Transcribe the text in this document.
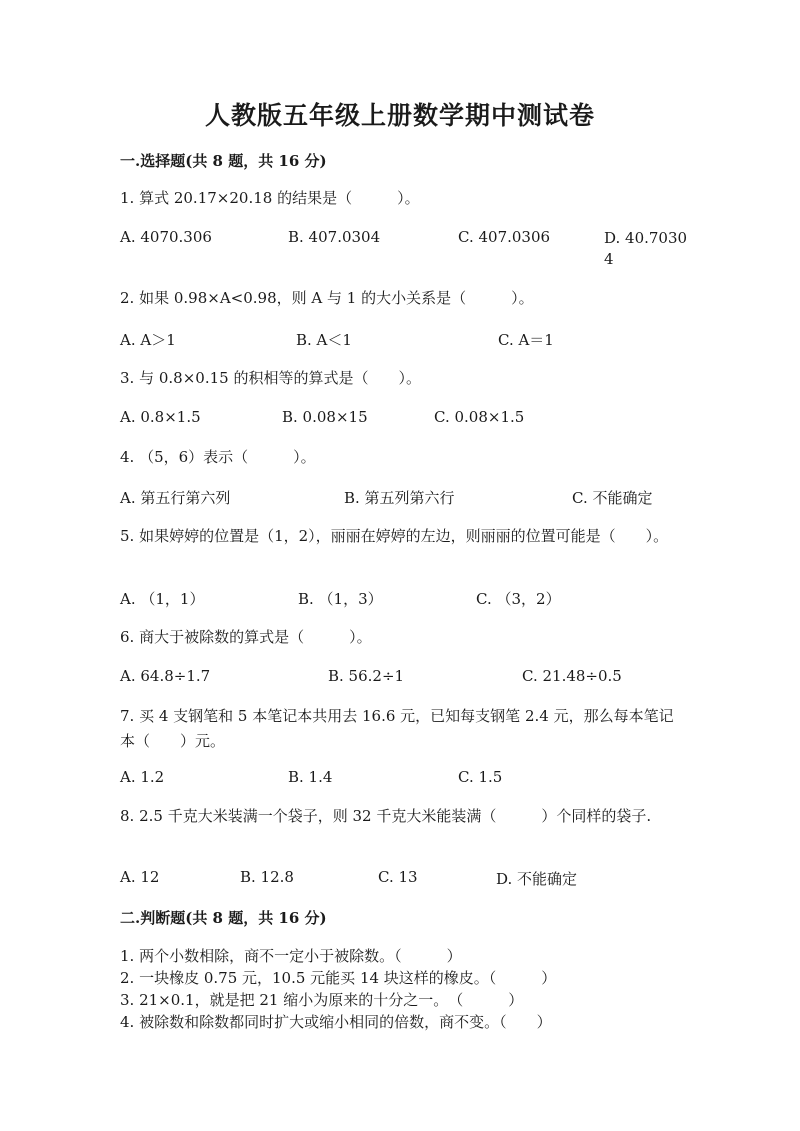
人教版五年级上册数学期中测试卷
一.选择题(共 8 题，共 16 分)
1. 算式 20.17×20.18 的结果是（　　　）。
A. 4070.306	B. 407.0304	C. 407.0306	D. 40.70304
2. 如果 0.98×A<0.98，则 A 与 1 的大小关系是（　　　）。
A. A＞1	B. A＜1	C. A＝1
3. 与 0.8×0.15 的积相等的算式是（　　）。
A. 0.8×1.5	B. 0.08×15	C. 0.08×1.5
4. （5，6）表示（　　　）。
A. 第五行第六列	B. 第五列第六行	C. 不能确定
5. 如果婷婷的位置是（1，2），丽丽在婷婷的左边，则丽丽的位置可能是（　　）。
A. （1，1）	B. （1，3）	C. （3，2）
6. 商大于被除数的算式是（　　　）。
A. 64.8÷1.7	B. 56.2÷1	C. 21.48÷0.5
7. 买 4 支钢笔和 5 本笔记本共用去 16.6 元，已知每支钢笔 2.4 元，那么每本笔记本（　　）元。
A. 1.2	B. 1.4	C. 1.5
8. 2.5 千克大米装满一个袋子，则 32 千克大米能装满（　　　）个同样的袋子.
A. 12	B. 12.8	C. 13	D. 不能确定
二.判断题(共 8 题，共 16 分)
1. 两个小数相除，商不一定小于被除数。（　　　）
2. 一块橡皮 0.75 元，10.5 元能买 14 块这样的橡皮。（　　　）
3. 21×0.1，就是把 21 缩小为原来的十分之一。　（　　　）
4. 被除数和除数都同时扩大或缩小相同的倍数，商不变。（　　）
